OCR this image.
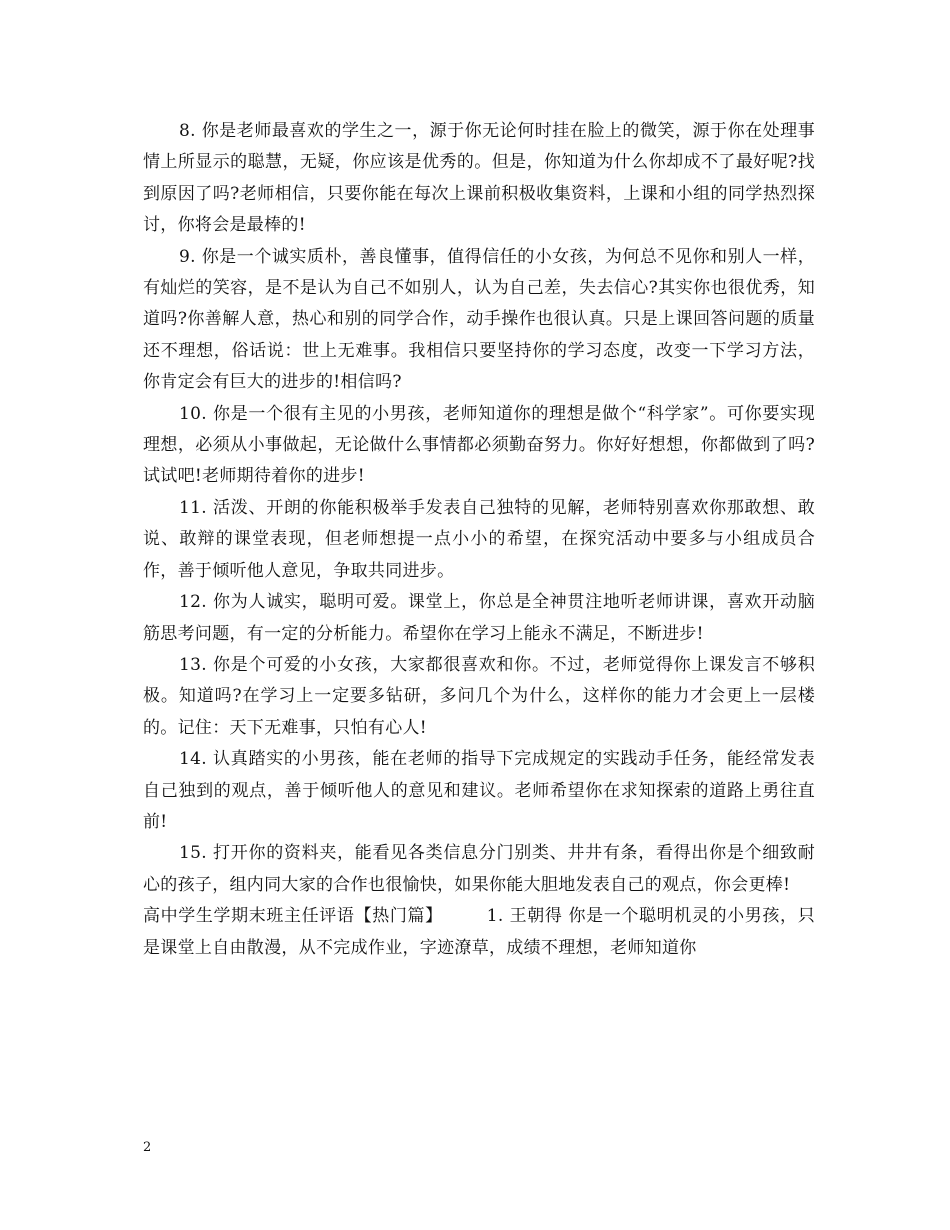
8. 你是老师最喜欢的学生之一，源于你无论何时挂在脸上的微笑，源于你在处理事情上所显示的聪慧，无疑，你应该是优秀的。但是，你知道为什么你却成不了最好呢?找到原因了吗?老师相信，只要你能在每次上课前积极收集资料，上课和小组的同学热烈探讨，你将会是最棒的!

9. 你是一个诚实质朴，善良懂事，值得信任的小女孩，为何总不见你和别人一样，有灿烂的笑容，是不是认为自己不如别人，认为自己差，失去信心?其实你也很优秀，知道吗?你善解人意，热心和别的同学合作，动手操作也很认真。只是上课回答问题的质量还不理想，俗话说：世上无难事。我相信只要坚持你的学习态度，改变一下学习方法，你肯定会有巨大的进步的!相信吗?

10. 你是一个很有主见的小男孩，老师知道你的理想是做个“科学家”。可你要实现理想，必须从小事做起，无论做什么事情都必须勤奋努力。你好好想想，你都做到了吗?试试吧!老师期待着你的进步!

11. 活泼、开朗的你能积极举手发表自己独特的见解，老师特别喜欢你那敢想、敢说、敢辩的课堂表现，但老师想提一点小小的希望，在探究活动中要多与小组成员合作，善于倾听他人意见，争取共同进步。

12. 你为人诚实，聪明可爱。课堂上，你总是全神贯注地听老师讲课，喜欢开动脑筋思考问题，有一定的分析能力。希望你在学习上能永不满足，不断进步!

13. 你是个可爱的小女孩，大家都很喜欢和你。不过，老师觉得你上课发言不够积极。知道吗?在学习上一定要多钻研，多问几个为什么，这样你的能力才会更上一层楼的。记住：天下无难事，只怕有心人!

14. 认真踏实的小男孩，能在老师的指导下完成规定的实践动手任务，能经常发表自己独到的观点，善于倾听他人的意见和建议。老师希望你在求知探索的道路上勇往直前!

15. 打开你的资料夹，能看见各类信息分门别类、井井有条，看得出你是个细致耐心的孩子，组内同大家的合作也很愉快，如果你能大胆地发表自己的观点，你会更棒!

高中学生学期末班主任评语【热门篇】	1. 王朝得 你是一个聪明机灵的小男孩，只是课堂上自由散漫，从不完成作业，字迹潦草，成绩不理想，老师知道你

2
